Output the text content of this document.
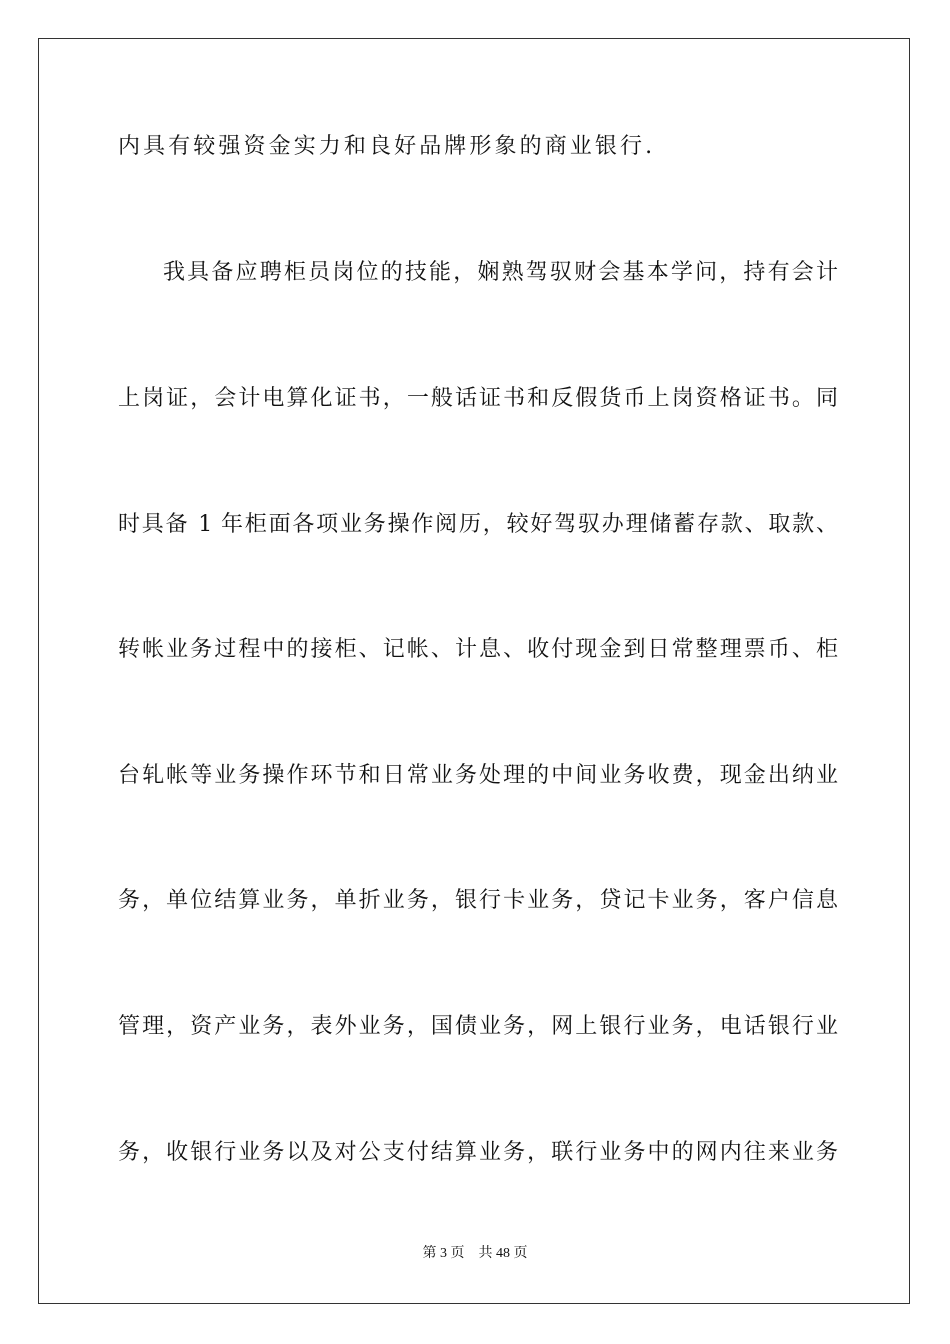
内具有较强资金实力和良好品牌形象的商业银行.
我具备应聘柜员岗位的技能，娴熟驾驭财会基本学问，持有会计
上岗证，会计电算化证书，一般话证书和反假货币上岗资格证书。同
时具备 1 年柜面各项业务操作阅历，较好驾驭办理储蓄存款、取款、
转帐业务过程中的接柜、记帐、计息、收付现金到日常整理票币、柜
台轧帐等业务操作环节和日常业务处理的中间业务收费，现金出纳业
务，单位结算业务，单折业务，银行卡业务，贷记卡业务，客户信息
管理，资产业务，表外业务，国债业务，网上银行业务，电话银行业
务，收银行业务以及对公支付结算业务，联行业务中的网内往来业务
第 3 页 共 48 页
